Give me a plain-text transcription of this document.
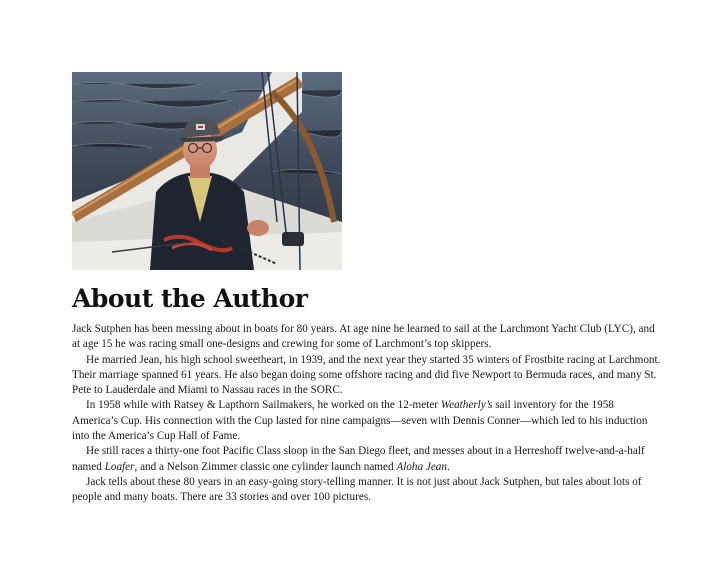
About the Author

Jack Sutphen has been messing about in boats for 80 years. At age nine he learned to sail at the Larchmont Yacht Club (LYC), and at age 15 he was racing small one-designs and crewing for some of Larchmont’s top skippers.

He married Jean, his high school sweetheart, in 1939, and the next year they started 35 winters of Frostbite racing at Larchmont. Their marriage spanned 61 years. He also began doing some offshore racing and did five Newport to Bermuda races, and many St. Pete to Lauderdale and Miami to Nassau races in the SORC.

In 1958 while with Ratsey & Lapthorn Sailmakers, he worked on the 12-meter Weatherly’s sail inventory for the 1958 America’s Cup. His connection with the Cup lasted for nine campaigns—seven with Dennis Conner—which led to his induction into the America’s Cup Hall of Fame.

He still races a thirty-one foot Pacific Class sloop in the San Diego fleet, and messes about in a Herreshoff twelve-and-a-half named Loafer, and a Nelson Zimmer classic one cylinder launch named Aloha Jean.

Jack tells about these 80 years in an easy-going story-telling manner. It is not just about Jack Sutphen, but tales about lots of people and many boats. There are 33 stories and over 100 pictures.
